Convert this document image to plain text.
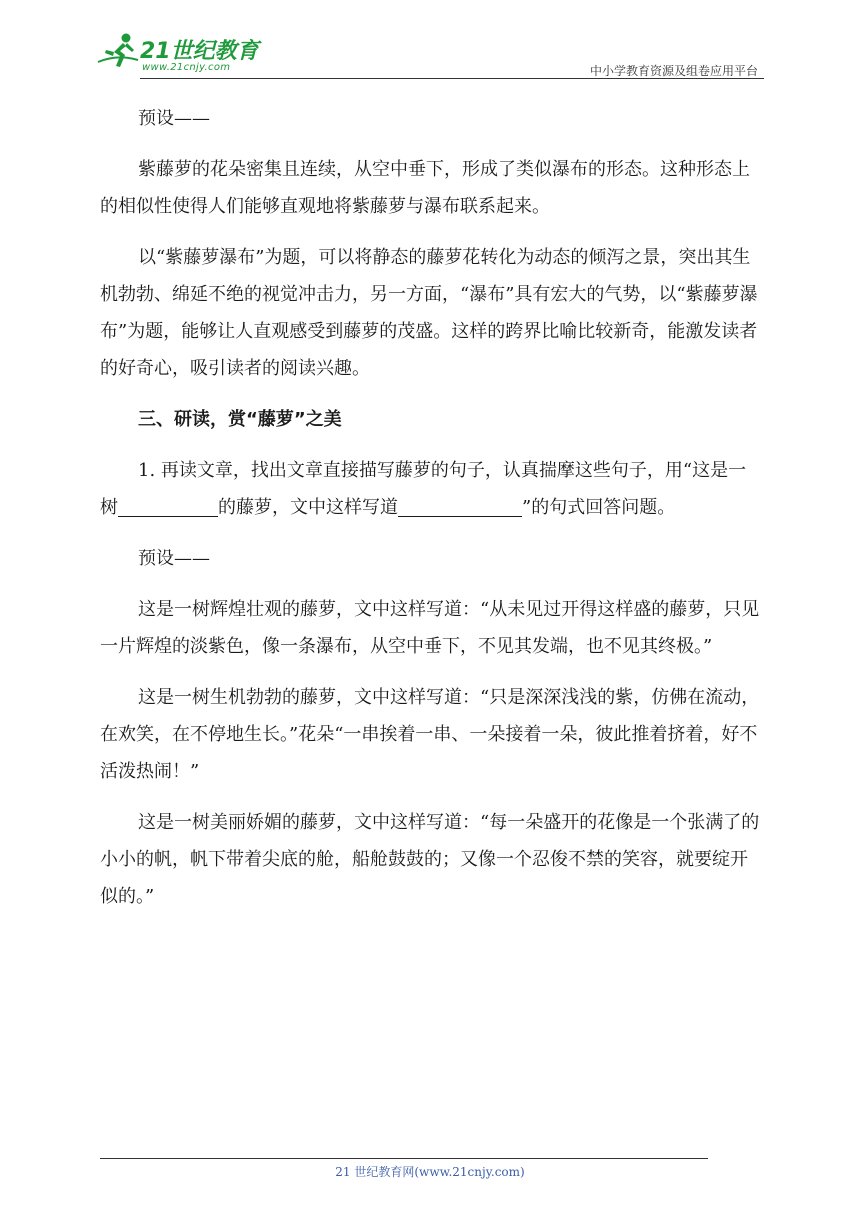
21世纪教育
www.21cnjy.com	中小学教育资源及组卷应用平台

预设——

紫藤萝的花朵密集且连续，从空中垂下，形成了类似瀑布的形态。这种形态上的相似性使得人们能够直观地将紫藤萝与瀑布联系起来。

以“紫藤萝瀑布”为题，可以将静态的藤萝花转化为动态的倾泻之景，突出其生机勃勃、绵延不绝的视觉冲击力，另一方面，“瀑布”具有宏大的气势，以“紫藤萝瀑布”为题，能够让人直观感受到藤萝的茂盛。这样的跨界比喻比较新奇，能激发读者的好奇心，吸引读者的阅读兴趣。

三、研读，赏“藤萝”之美

1. 再读文章，找出文章直接描写藤萝的句子，认真揣摩这些句子，用“这是一树	的藤萝，文中这样写道	”的句式回答问题。

预设——

这是一树辉煌壮观的藤萝，文中这样写道：“从未见过开得这样盛的藤萝，只见一片辉煌的淡紫色，像一条瀑布，从空中垂下，不见其发端，也不见其终极。”

这是一树生机勃勃的藤萝，文中这样写道：“只是深深浅浅的紫，仿佛在流动，在欢笑，在不停地生长。”花朵“一串挨着一串、一朵接着一朵，彼此推着挤着，好不活泼热闹！”

这是一树美丽娇媚的藤萝，文中这样写道：“每一朵盛开的花像是一个张满了的小小的帆，帆下带着尖底的舱，船舱鼓鼓的；又像一个忍俊不禁的笑容，就要绽开似的。”

21 世纪教育网(www.21cnjy.com)
